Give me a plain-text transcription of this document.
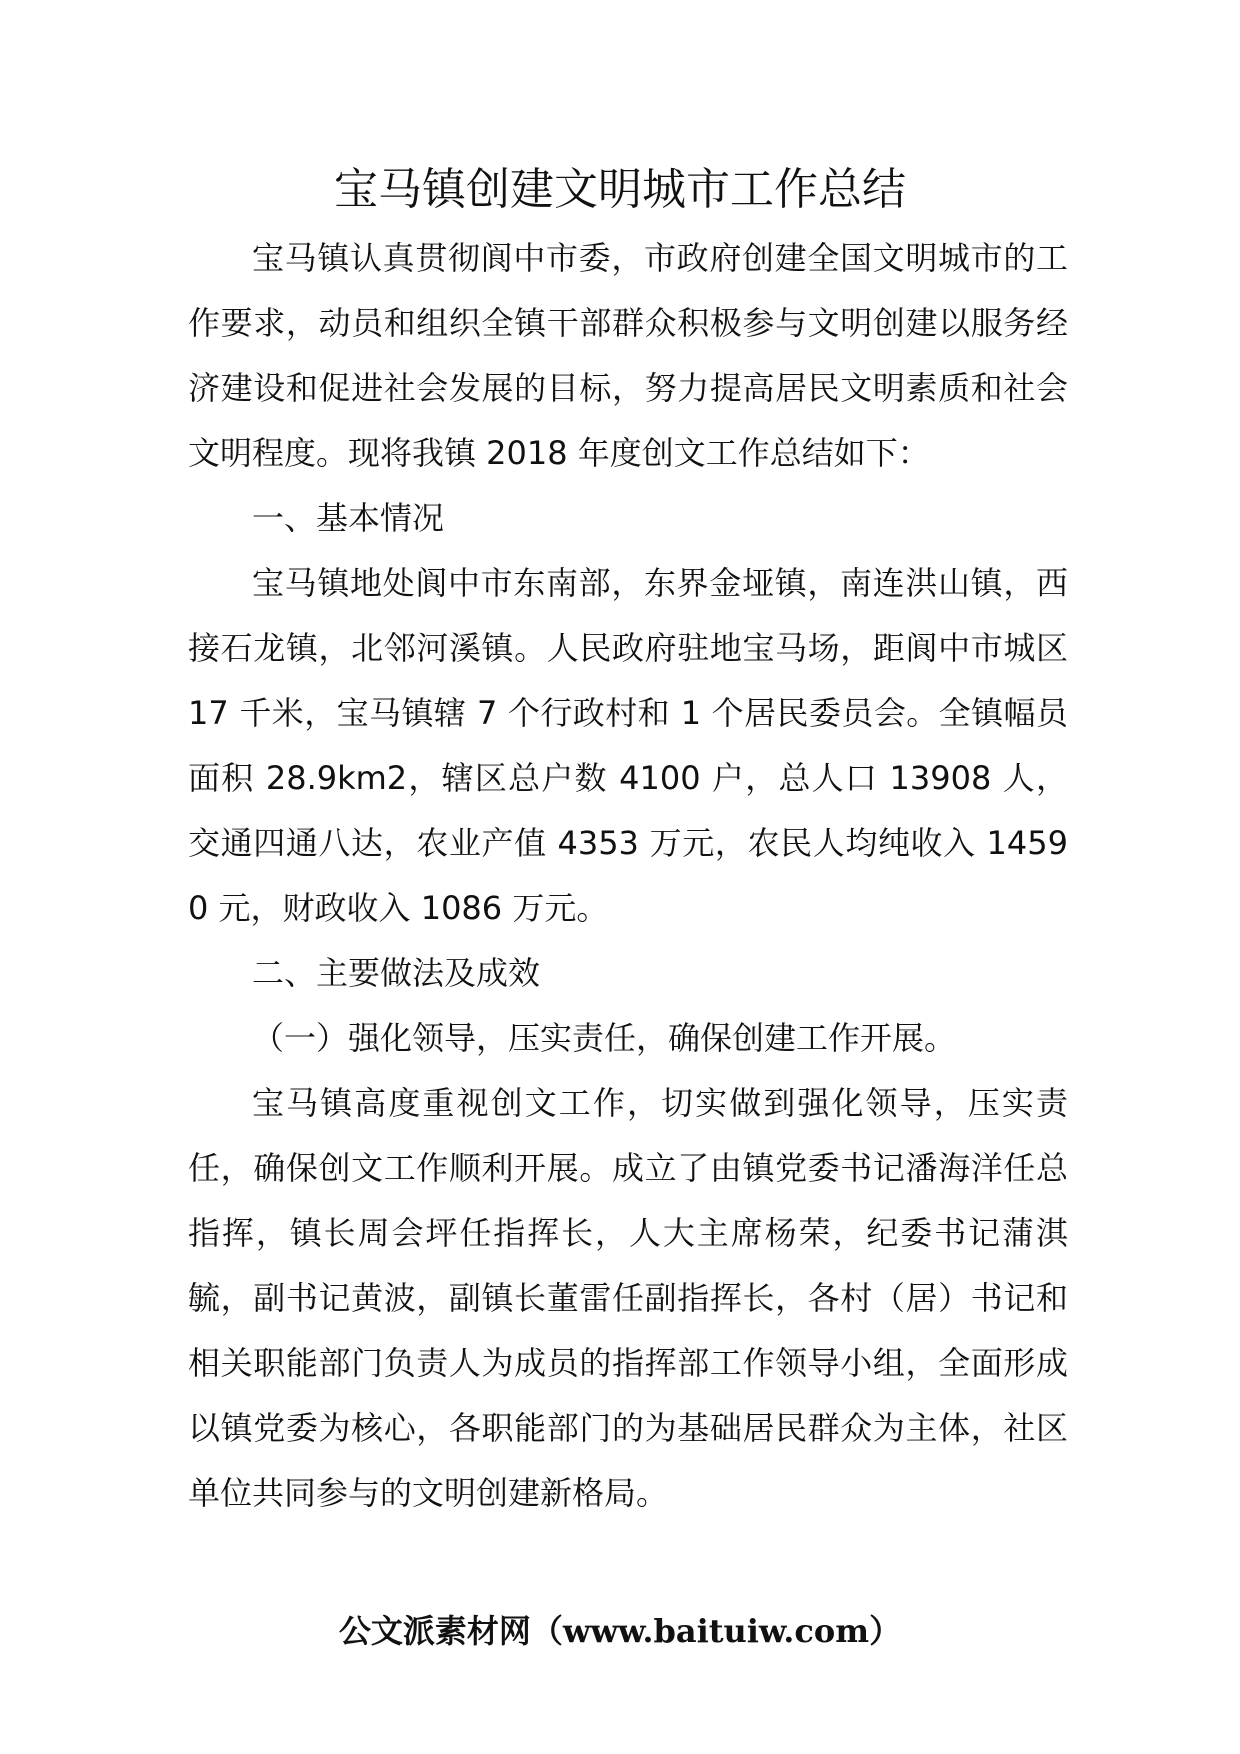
宝马镇创建文明城市工作总结

宝马镇认真贯彻阆中市委，市政府创建全国文明城市的工作要求，动员和组织全镇干部群众积极参与文明创建以服务经济建设和促进社会发展的目标，努力提高居民文明素质和社会文明程度。现将我镇 2018 年度创文工作总结如下：

一、基本情况

宝马镇地处阆中市东南部，东界金垭镇，南连洪山镇，西接石龙镇，北邻河溪镇。人民政府驻地宝马场，距阆中市城区 17 千米，宝马镇辖 7 个行政村和 1 个居民委员会。全镇幅员面积 28.9km2，辖区总户数 4100 户，总人口 13908 人，交通四通八达，农业产值 4353 万元，农民人均纯收入 14590 元，财政收入 1086 万元。

二、主要做法及成效

（一）强化领导，压实责任，确保创建工作开展。

宝马镇高度重视创文工作，切实做到强化领导，压实责任，确保创文工作顺利开展。成立了由镇党委书记潘海洋任总指挥，镇长周会坪任指挥长，人大主席杨荣，纪委书记蒲淇毓，副书记黄波，副镇长董雷任副指挥长，各村（居）书记和相关职能部门负责人为成员的指挥部工作领导小组，全面形成以镇党委为核心，各职能部门的为基础居民群众为主体，社区单位共同参与的文明创建新格局。

公文派素材网（www.baituiw.com）
